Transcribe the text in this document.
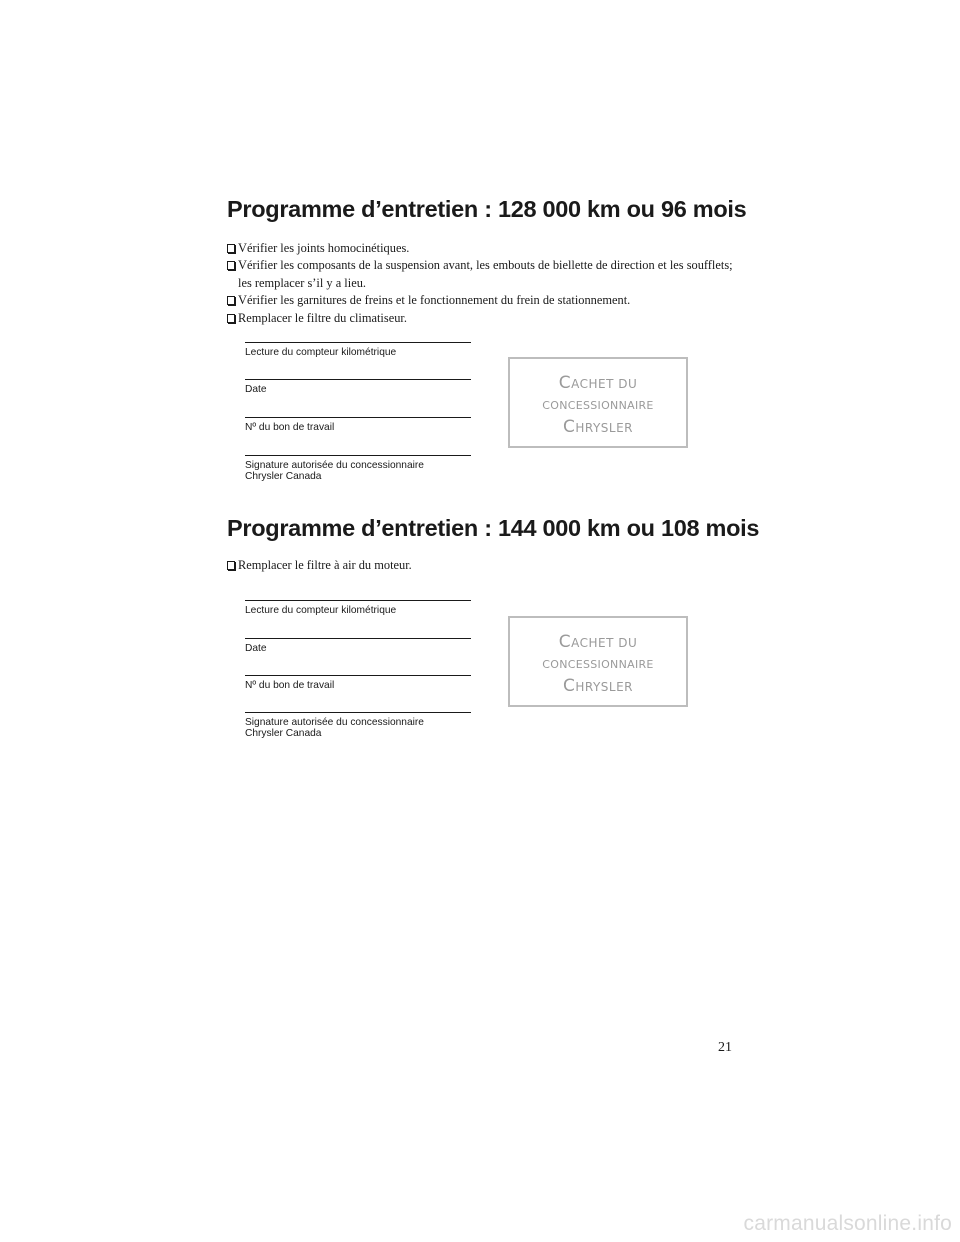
Programme d’entretien : 128 000 km ou 96 mois
Vérifier les joints homocinétiques.
Vérifier les composants de la suspension avant, les embouts de biellette de direction et les soufflets; les remplacer s’il y a lieu.
Vérifier les garnitures de freins et le fonctionnement du frein de stationnement.
Remplacer le filtre du climatiseur.
Lecture du compteur kilométrique
Date
Nº du bon de travail
Signature autorisée du concessionnaire
Chrysler Canada
CACHET DU
CONCESSIONNAIRE
CHRYSLER
Programme d’entretien : 144 000 km ou 108 mois
Remplacer le filtre à air du moteur.
Lecture du compteur kilométrique
Date
Nº du bon de travail
Signature autorisée du concessionnaire
Chrysler Canada
CACHET DU
CONCESSIONNAIRE
CHRYSLER
21
carmanualsonline.info
